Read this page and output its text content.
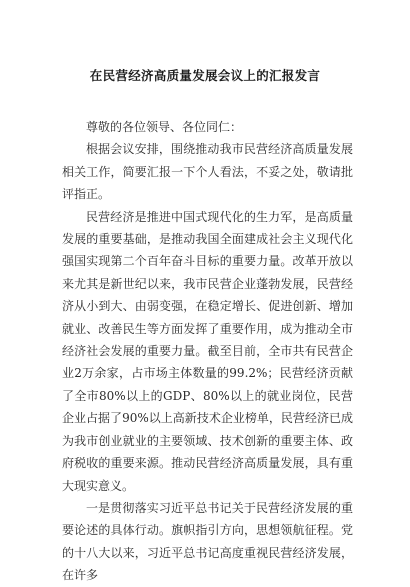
在民营经济高质量发展会议上的汇报发言

尊敬的各位领导、各位同仁：

根据会议安排，围绕推动我市民营经济高质量发展相关工作，简要汇报一下个人看法，不妥之处，敬请批评指正。

民营经济是推进中国式现代化的生力军，是高质量发展的重要基础，是推动我国全面建成社会主义现代化强国实现第二个百年奋斗目标的重要力量。改革开放以来尤其是新世纪以来，我市民营企业蓬勃发展，民营经济从小到大、由弱变强，在稳定增长、促进创新、增加就业、改善民生等方面发挥了重要作用，成为推动全市经济社会发展的重要力量。截至目前，全市共有民营企业2万余家，占市场主体数量的99.2%；民营经济贡献了全市80%以上的GDP、80%以上的就业岗位，民营企业占据了90%以上高新技术企业榜单，民营经济已成为我市创业就业的主要领域、技术创新的重要主体、政府税收的重要来源。推动民营经济高质量发展，具有重大现实意义。

一是贯彻落实习近平总书记关于民营经济发展的重要论述的具体行动。旗帜指引方向，思想领航征程。党的十八大以来，习近平总书记高度重视民营经济发展，在许多
